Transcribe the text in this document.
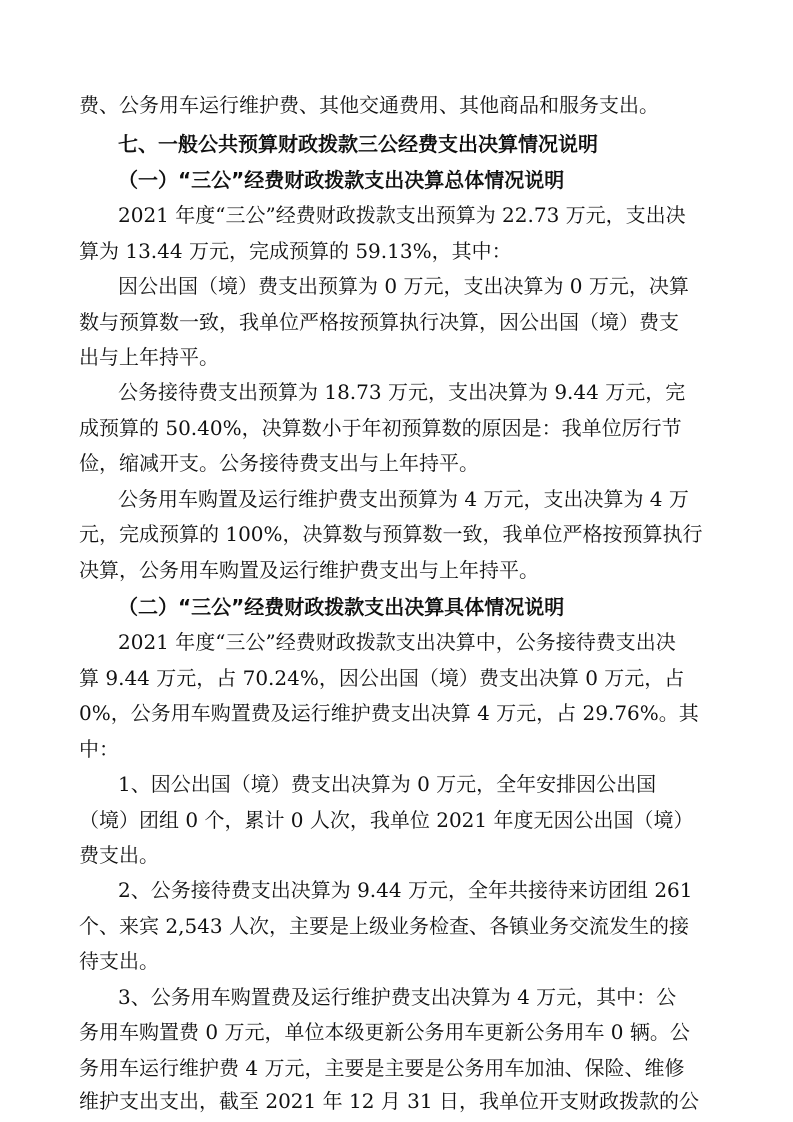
费、公务用车运行维护费、其他交通费用、其他商品和服务支出。
七、一般公共预算财政拨款三公经费支出决算情况说明
（一）“三公”经费财政拨款支出决算总体情况说明
2021 年度“三公”经费财政拨款支出预算为 22.73 万元，支出决
算为 13.44 万元，完成预算的 59.13%，其中：
因公出国（境）费支出预算为 0 万元，支出决算为 0 万元，决算
数与预算数一致，我单位严格按预算执行决算，因公出国（境）费支
出与上年持平。
公务接待费支出预算为 18.73 万元，支出决算为 9.44 万元，完
成预算的 50.40%，决算数小于年初预算数的原因是：我单位厉行节
俭，缩减开支。公务接待费支出与上年持平。
公务用车购置及运行维护费支出预算为 4 万元，支出决算为 4 万
元，完成预算的 100%，决算数与预算数一致，我单位严格按预算执行
决算，公务用车购置及运行维护费支出与上年持平。
（二）“三公”经费财政拨款支出决算具体情况说明
2021 年度“三公”经费财政拨款支出决算中，公务接待费支出决
算 9.44 万元，占 70.24%，因公出国（境）费支出决算 0 万元，占
0%，公务用车购置费及运行维护费支出决算 4 万元，占 29.76%。其
中：
1、因公出国（境）费支出决算为 0 万元，全年安排因公出国
（境）团组 0 个，累计 0 人次，我单位 2021 年度无因公出国（境）
费支出。
2、公务接待费支出决算为 9.44 万元，全年共接待来访团组 261
个、来宾 2,543 人次，主要是上级业务检查、各镇业务交流发生的接
待支出。
3、公务用车购置费及运行维护费支出决算为 4 万元，其中：公
务用车购置费 0 万元，单位本级更新公务用车更新公务用车 0 辆。公
务用车运行维护费 4 万元，主要是主要是公务用车加油、保险、维修
维护支出支出，截至 2021 年 12 月 31 日，我单位开支财政拨款的公
